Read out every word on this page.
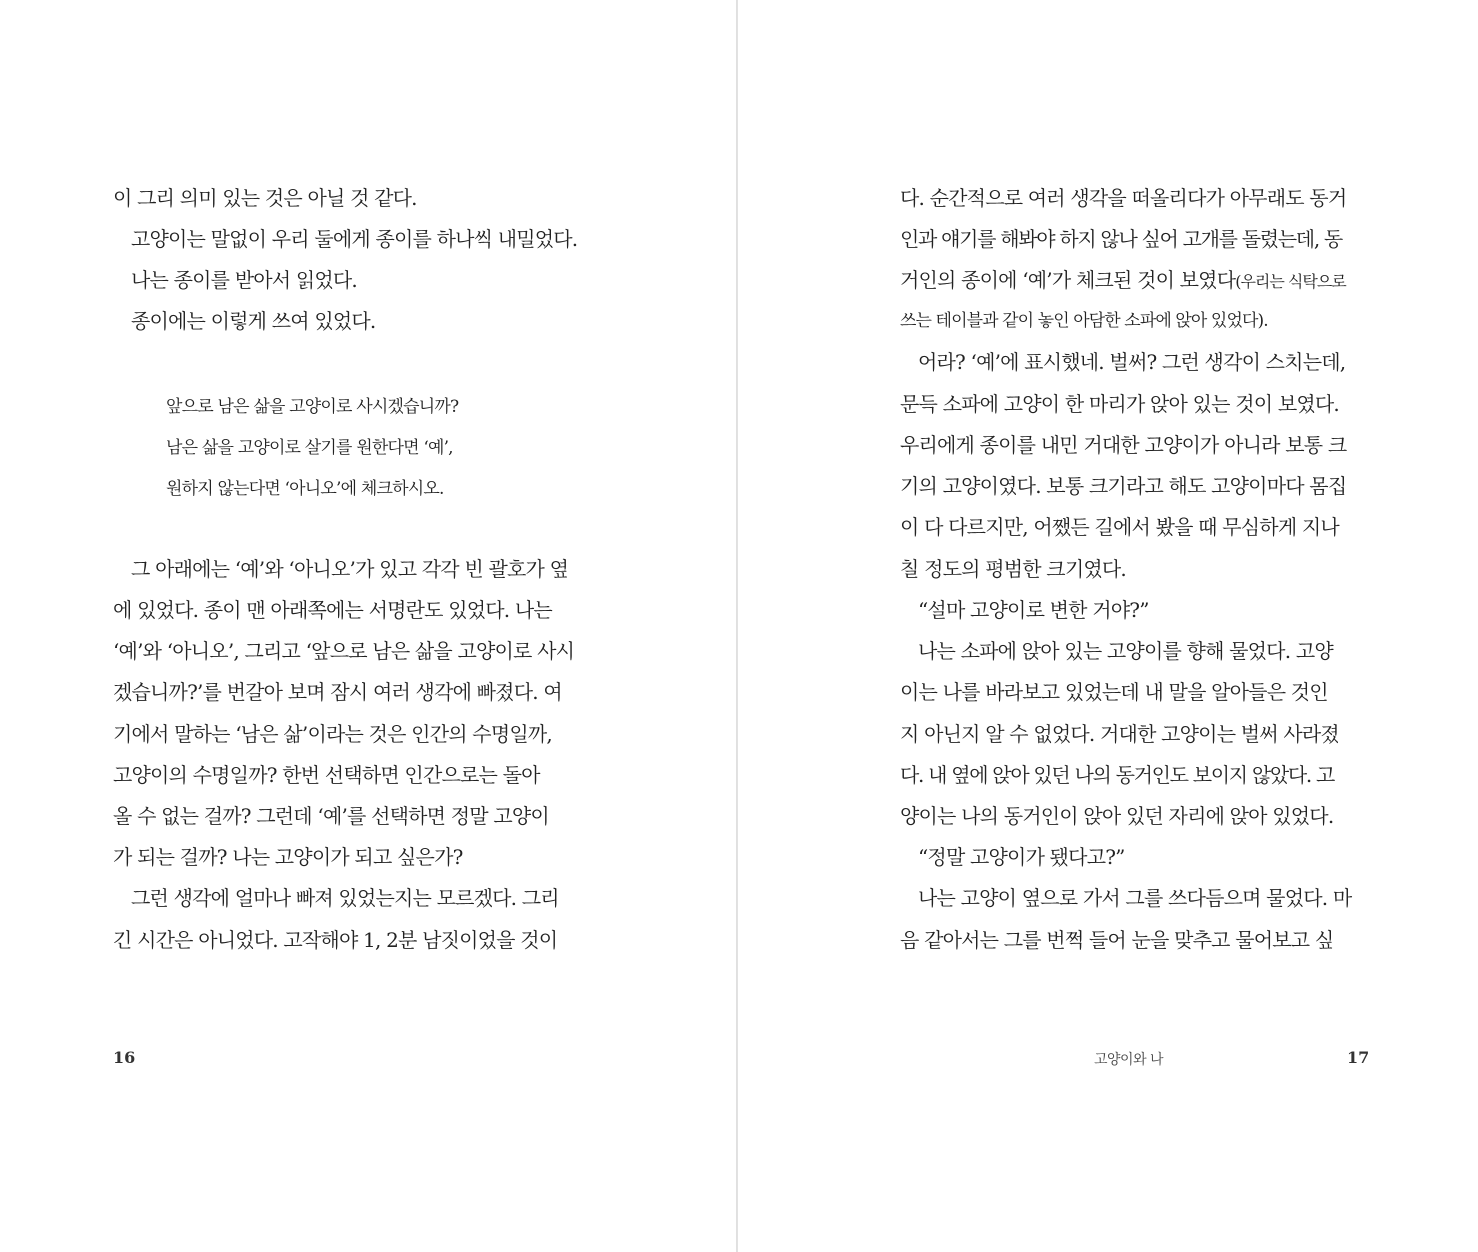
이 그리 의미 있는 것은 아닐 것 같다.
고양이는 말없이 우리 둘에게 종이를 하나씩 내밀었다.
나는 종이를 받아서 읽었다.
종이에는 이렇게 쓰여 있었다.
앞으로 남은 삶을 고양이로 사시겠습니까?
남은 삶을 고양이로 살기를 원한다면 ‘예’,
원하지 않는다면 ‘아니오’에 체크하시오.
그 아래에는 ‘예’와 ‘아니오’가 있고 각각 빈 괄호가 옆
에 있었다. 종이 맨 아래쪽에는 서명란도 있었다. 나는
‘예’와 ‘아니오’, 그리고 ‘앞으로 남은 삶을 고양이로 사시
겠습니까?’를 번갈아 보며 잠시 여러 생각에 빠졌다. 여
기에서 말하는 ‘남은 삶’이라는 것은 인간의 수명일까,
고양이의 수명일까? 한번 선택하면 인간으로는 돌아
올 수 없는 걸까? 그런데 ‘예’를 선택하면 정말 고양이
가 되는 걸까? 나는 고양이가 되고 싶은가?
그런 생각에 얼마나 빠져 있었는지는 모르겠다. 그리
긴 시간은 아니었다. 고작해야 1, 2분 남짓이었을 것이
16
다. 순간적으로 여러 생각을 떠올리다가 아무래도 동거
인과 얘기를 해봐야 하지 않나 싶어 고개를 돌렸는데, 동
거인의 종이에 ‘예’가 체크된 것이 보였다(우리는 식탁으로
쓰는 테이블과 같이 놓인 아담한 소파에 앉아 있었다).
어라? ‘예’에 표시했네. 벌써? 그런 생각이 스치는데,
문득 소파에 고양이 한 마리가 앉아 있는 것이 보였다.
우리에게 종이를 내민 거대한 고양이가 아니라 보통 크
기의 고양이였다. 보통 크기라고 해도 고양이마다 몸집
이 다 다르지만, 어쨌든 길에서 봤을 때 무심하게 지나
칠 정도의 평범한 크기였다.
“설마 고양이로 변한 거야?”
나는 소파에 앉아 있는 고양이를 향해 물었다. 고양
이는 나를 바라보고 있었는데 내 말을 알아들은 것인
지 아닌지 알 수 없었다. 거대한 고양이는 벌써 사라졌
다. 내 옆에 앉아 있던 나의 동거인도 보이지 않았다. 고
양이는 나의 동거인이 앉아 있던 자리에 앉아 있었다.
“정말 고양이가 됐다고?”
나는 고양이 옆으로 가서 그를 쓰다듬으며 물었다. 마
음 같아서는 그를 번쩍 들어 눈을 맞추고 물어보고 싶
고양이와 나	17
